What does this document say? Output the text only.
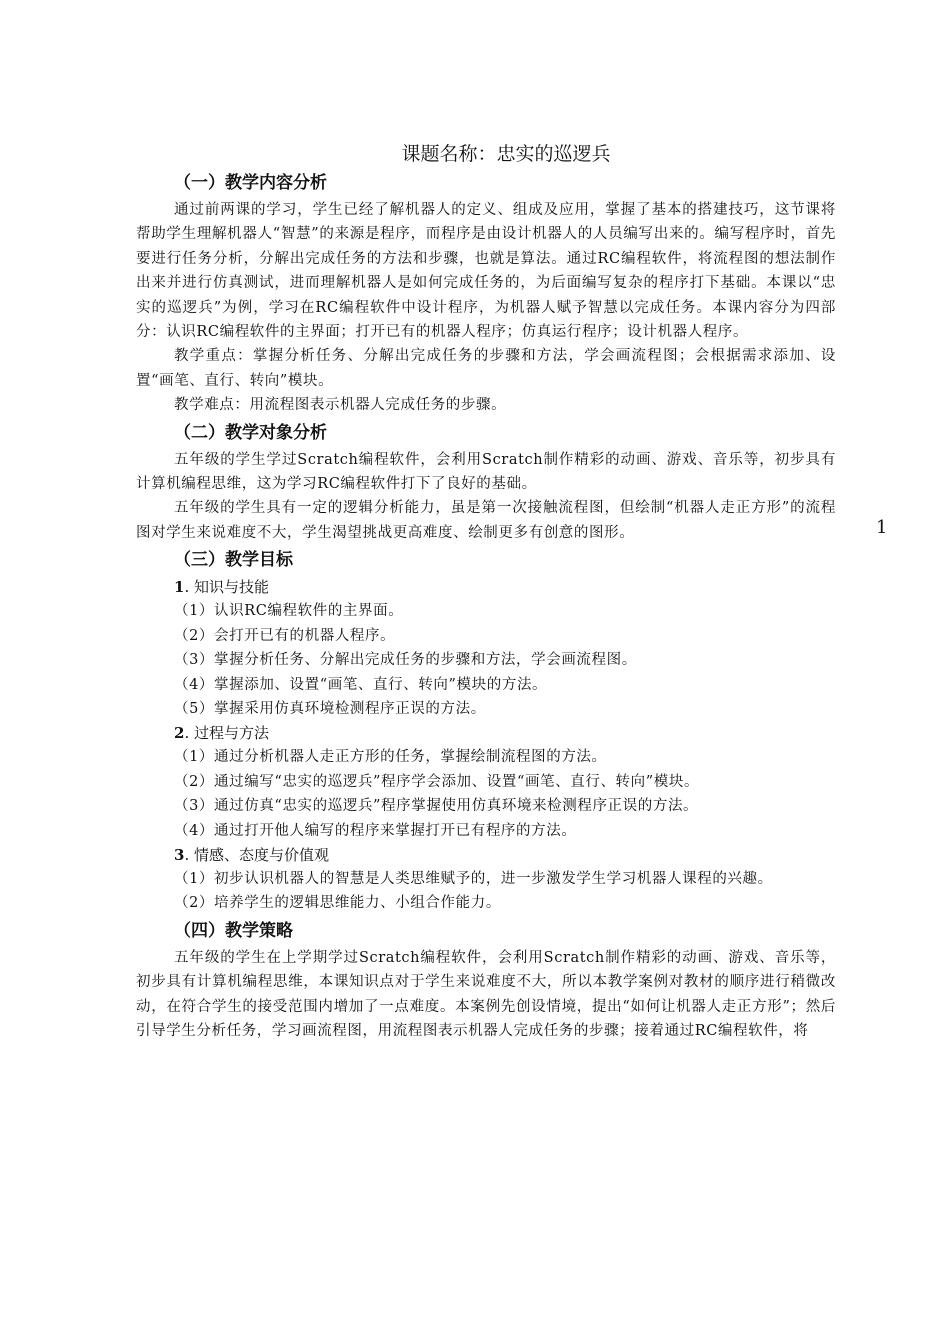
课题名称：忠实的巡逻兵
（一）教学内容分析

通过前两课的学习，学生已经了解机器人的定义、组成及应用，掌握了基本的搭建技巧，这节课将帮助学生理解机器人“智慧”的来源是程序，而程序是由设计机器人的人员编写出来的。编写程序时，首先要进行任务分析，分解出完成任务的方法和步骤，也就是算法。通过RC编程软件，将流程图的想法制作出来并进行仿真测试，进而理解机器人是如何完成任务的，为后面编写复杂的程序打下基础。本课以“忠实的巡逻兵”为例，学习在RC编程软件中设计程序，为机器人赋予智慧以完成任务。本课内容分为四部分：认识RC编程软件的主界面；打开已有的机器人程序；仿真运行程序；设计机器人程序。

教学重点：掌握分析任务、分解出完成任务的步骤和方法，学会画流程图；会根据需求添加、设置“画笔、直行、转向”模块。

教学难点：用流程图表示机器人完成任务的步骤。

（二）教学对象分析

五年级的学生学过Scratch编程软件，会利用Scratch制作精彩的动画、游戏、音乐等，初步具有计算机编程思维，这为学习RC编程软件打下了良好的基础。

五年级的学生具有一定的逻辑分析能力，虽是第一次接触流程图，但绘制“机器人走正方形”的流程图对学生来说难度不大，学生渴望挑战更高难度、绘制更多有创意的图形。

（三）教学目标
1. 知识与技能

（1）认识RC编程软件的主界面。

（2）会打开已有的机器人程序。

（3）掌握分析任务、分解出完成任务的步骤和方法，学会画流程图。

（4）掌握添加、设置“画笔、直行、转向”模块的方法。

（5）掌握采用仿真环境检测程序正误的方法。

2. 过程与方法

（1）通过分析机器人走正方形的任务，掌握绘制流程图的方法。

（2）通过编写“忠实的巡逻兵”程序学会添加、设置“画笔、直行、转向”模块。

（3）通过仿真“忠实的巡逻兵”程序掌握使用仿真环境来检测程序正误的方法。

（4）通过打开他人编写的程序来掌握打开已有程序的方法。

3. 情感、态度与价值观

（1）初步认识机器人的智慧是人类思维赋予的，进一步激发学生学习机器人课程的兴趣。

（2）培养学生的逻辑思维能力、小组合作能力。

（四）教学策略

五年级的学生在上学期学过Scratch编程软件，会利用Scratch制作精彩的动画、游戏、音乐等，初步具有计算机编程思维，本课知识点对于学生来说难度不大，所以本教学案例对教材的顺序进行稍微改动，在符合学生的接受范围内增加了一点难度。本案例先创设情境，提出“如何让机器人走正方形”；然后引导学生分析任务，学习画流程图，用流程图表示机器人完成任务的步骤；接着通过RC编程软件，将

1
